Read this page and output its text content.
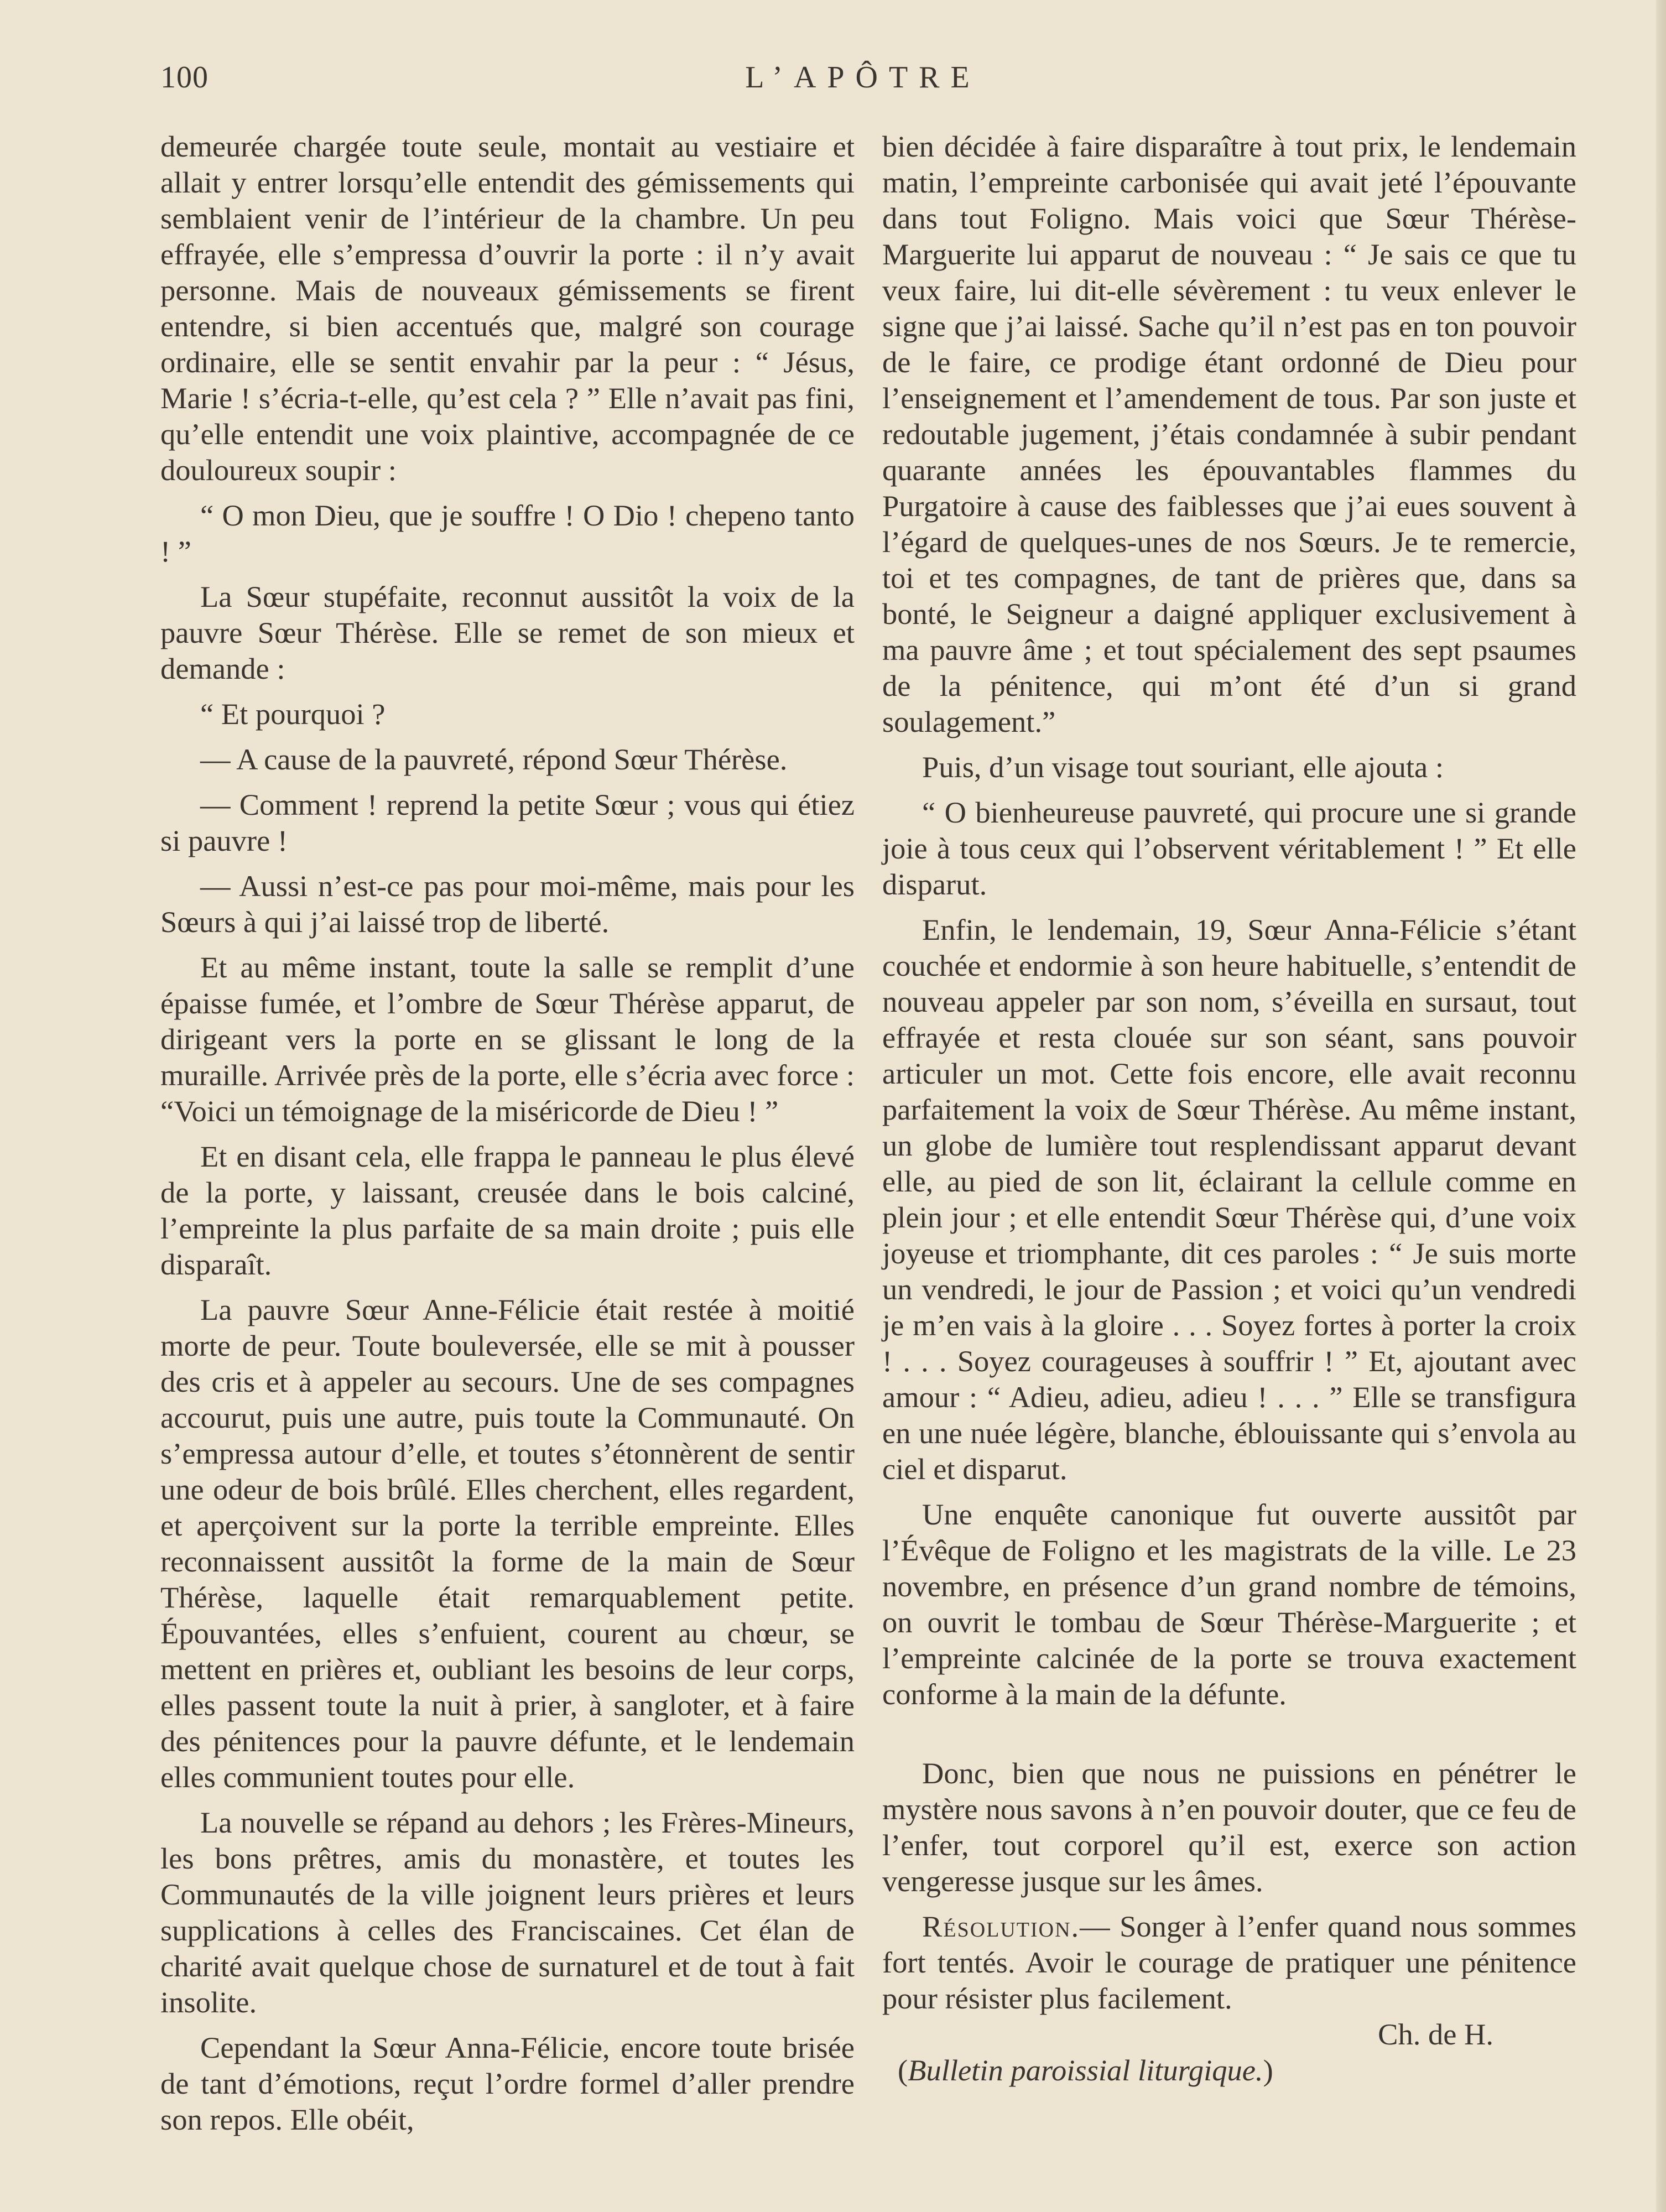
100	L’APÔTRE

demeurée chargée toute seule, montait au vestiaire et allait y entrer lorsqu’elle entendit des gémissements qui semblaient venir de l’intérieur de la chambre. Un peu effrayée, elle s’empressa d’ouvrir la porte : il n’y avait personne. Mais de nouveaux gémissements se firent entendre, si bien accentués que, malgré son courage ordinaire, elle se sentit envahir par la peur : “ Jésus, Marie ! s’écria-t-elle, qu’est cela ? ” Elle n’avait pas fini, qu’elle entendit une voix plaintive, accompagnée de ce douloureux soupir :

“ O mon Dieu, que je souffre ! O Dio ! chepeno tanto ! ”

La Sœur stupéfaite, reconnut aussitôt la voix de la pauvre Sœur Thérèse. Elle se remet de son mieux et demande :

“ Et pourquoi ?

— A cause de la pauvreté, répond Sœur Thérèse.

— Comment ! reprend la petite Sœur ; vous qui étiez si pauvre !

— Aussi n’est-ce pas pour moi-même, mais pour les Sœurs à qui j’ai laissé trop de liberté.

Et au même instant, toute la salle se remplit d’une épaisse fumée, et l’ombre de Sœur Thérèse apparut, de dirigeant vers la porte en se glissant le long de la muraille. Arrivée près de la porte, elle s’écria avec force : “Voici un témoignage de la miséricorde de Dieu ! ”

Et en disant cela, elle frappa le panneau le plus élevé de la porte, y laissant, creusée dans le bois calciné, l’empreinte la plus parfaite de sa main droite ; puis elle disparaît.

La pauvre Sœur Anne-Félicie était restée à moitié morte de peur. Toute bouleversée, elle se mit à pousser des cris et à appeler au secours. Une de ses compagnes accourut, puis une autre, puis toute la Communauté. On s’empressa autour d’elle, et toutes s’étonnèrent de sentir une odeur de bois brûlé. Elles cherchent, elles regardent, et aperçoivent sur la porte la terrible empreinte. Elles reconnaissent aussitôt la forme de la main de Sœur Thérèse, laquelle était remarquablement petite. Épouvantées, elles s’enfuient, courent au chœur, se mettent en prières et, oubliant les besoins de leur corps, elles passent toute la nuit à prier, à sangloter, et à faire des pénitences pour la pauvre défunte, et le lendemain elles communient toutes pour elle.

La nouvelle se répand au dehors ; les Frères-Mineurs, les bons prêtres, amis du monastère, et toutes les Communautés de la ville joignent leurs prières et leurs supplications à celles des Franciscaines. Cet élan de charité avait quelque chose de surnaturel et de tout à fait insolite.

Cependant la Sœur Anna-Félicie, encore toute brisée de tant d’émotions, reçut l’ordre formel d’aller prendre son repos. Elle obéit,

bien décidée à faire disparaître à tout prix, le lendemain matin, l’empreinte carbonisée qui avait jeté l’épouvante dans tout Foligno. Mais voici que Sœur Thérèse-Marguerite lui apparut de nouveau : “ Je sais ce que tu veux faire, lui dit-elle sévèrement : tu veux enlever le signe que j’ai laissé. Sache qu’il n’est pas en ton pouvoir de le faire, ce prodige étant ordonné de Dieu pour l’enseignement et l’amendement de tous. Par son juste et redoutable jugement, j’étais condamnée à subir pendant quarante années les épouvantables flammes du Purgatoire à cause des faiblesses que j’ai eues souvent à l’égard de quelques-unes de nos Sœurs. Je te remercie, toi et tes compagnes, de tant de prières que, dans sa bonté, le Seigneur a daigné appliquer exclusivement à ma pauvre âme ; et tout spécialement des sept psaumes de la pénitence, qui m’ont été d’un si grand soulagement.”

Puis, d’un visage tout souriant, elle ajouta :

“ O bienheureuse pauvreté, qui procure une si grande joie à tous ceux qui l’observent véritablement ! ” Et elle disparut.

Enfin, le lendemain, 19, Sœur Anna-Félicie s’étant couchée et endormie à son heure habituelle, s’entendit de nouveau appeler par son nom, s’éveilla en sursaut, tout effrayée et resta clouée sur son séant, sans pouvoir articuler un mot. Cette fois encore, elle avait reconnu parfaitement la voix de Sœur Thérèse. Au même instant, un globe de lumière tout resplendissant apparut devant elle, au pied de son lit, éclairant la cellule comme en plein jour ; et elle entendit Sœur Thérèse qui, d’une voix joyeuse et triomphante, dit ces paroles : “ Je suis morte un vendredi, le jour de Passion ; et voici qu’un vendredi je m’en vais à la gloire . . . Soyez fortes à porter la croix ! . . . Soyez courageuses à souffrir ! ” Et, ajoutant avec amour : “ Adieu, adieu, adieu ! . . . ” Elle se transfigura en une nuée légère, blanche, éblouissante qui s’envola au ciel et disparut.

Une enquête canonique fut ouverte aussitôt par l’Évêque de Foligno et les magistrats de la ville. Le 23 novembre, en présence d’un grand nombre de témoins, on ouvrit le tombau de Sœur Thérèse-Marguerite ; et l’empreinte calcinée de la porte se trouva exactement conforme à la main de la défunte.

Donc, bien que nous ne puissions en pénétrer le mystère nous savons à n’en pouvoir douter, que ce feu de l’enfer, tout corporel qu’il est, exerce son action vengeresse jusque sur les âmes.

Résolution.— Songer à l’enfer quand nous sommes fort tentés. Avoir le courage de pratiquer une pénitence pour résister plus facilement.

Ch. de H.

(Bulletin paroissial liturgique.)
